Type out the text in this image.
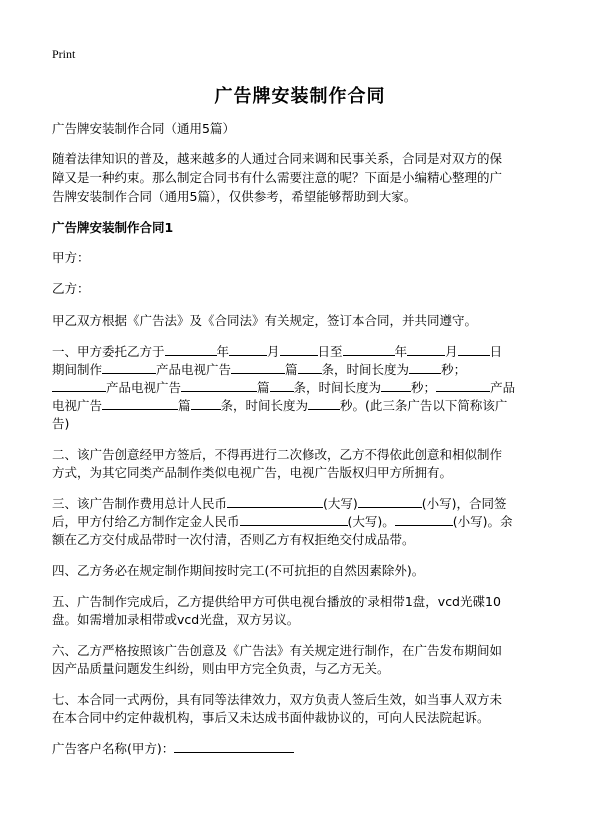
Print
广告牌安装制作合同
广告牌安装制作合同（通用5篇）
随着法律知识的普及，越来越多的人通过合同来调和民事关系，合同是对双方的保
障又是一种约束。那么制定合同书有什么需要注意的呢？下面是小编精心整理的广
告牌安装制作合同（通用5篇），仅供参考，希望能够帮助到大家。
广告牌安装制作合同1
甲方：
乙方：
甲乙双方根据《广告法》及《合同法》有关规定，签订本合同，并共同遵守。
一、甲方委托乙方于	年	月	日至	年	月	日
期间制作	产品电视广告	篇 条，时间长度为	秒；
产品电视广告	篇 条，时间长度为 秒；	产品
电视广告	篇 条，时间长度为	秒。(此三条广告以下简称该广
告)
二、该广告创意经甲方签后，不得再进行二次修改，乙方不得依此创意和相似制作
方式，为其它同类产品制作类似电视广告，电视广告版权归甲方所拥有。
三、该广告制作费用总计人民币	(大写)	(小写)，合同签
后，甲方付给乙方制作定金人民币	(大写)。	(小写)。余
额在乙方交付成品带时一次付清，否则乙方有权拒绝交付成品带。
四、乙方务必在规定制作期间按时完工(不可抗拒的自然因素除外)。
五、广告制作完成后，乙方提供给甲方可供电视台播放的‵录相带1盘，vcd光碟10
盘。如需增加录相带或vcd光盘，双方另议。
六、乙方严格按照该广告创意及《广告法》有关规定进行制作，在广告发布期间如
因产品质量问题发生纠纷，则由甲方完全负责，与乙方无关。
七、本合同一式两份，具有同等法律效力，双方负责人签后生效，如当事人双方未
在本合同中约定仲裁机构，事后又未达成书面仲裁协议的，可向人民法院起诉。
广告客户名称(甲方)：
